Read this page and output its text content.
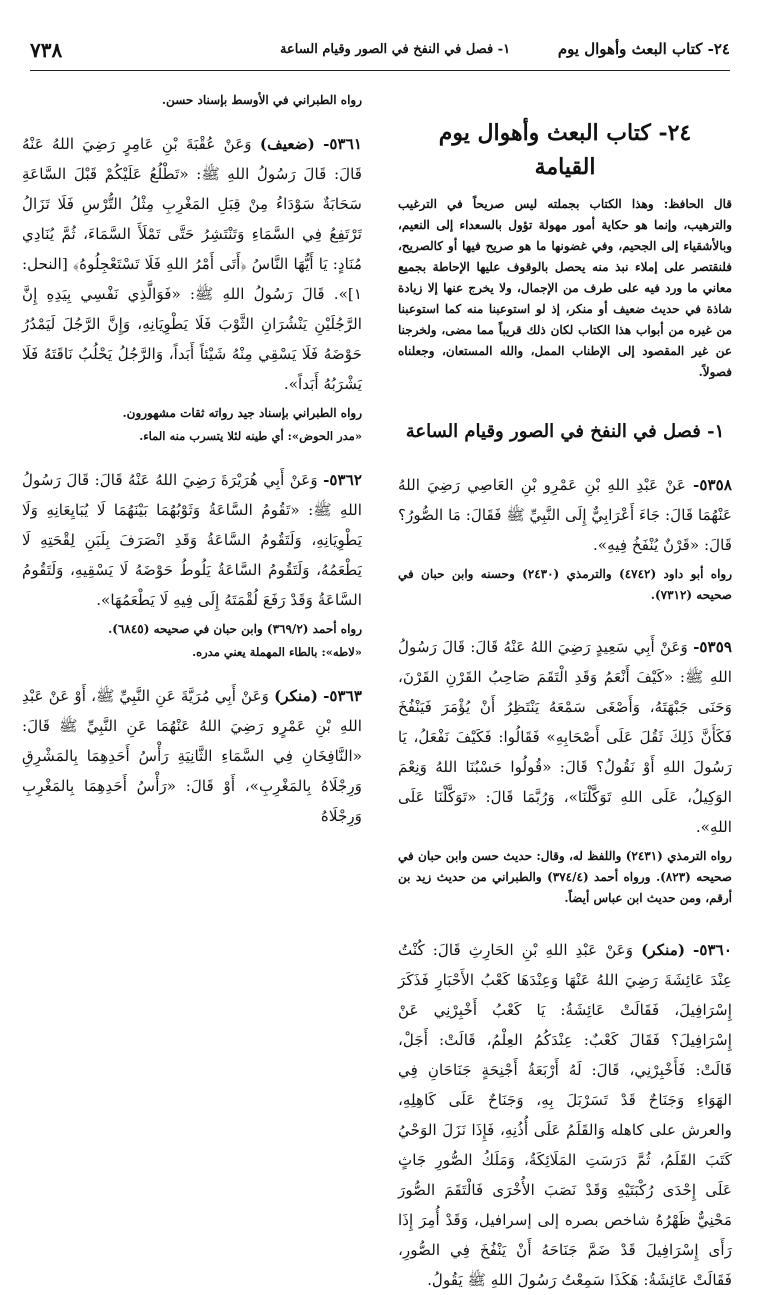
٢٤- كتاب البعث وأهوال يوم
١- فصل في النفخ في الصور وقيام الساعة
٧٣٨
٢٤- كتاب البعث وأهوال يوم
القيامة
قال الحافظ: وهذا الكتاب بجملته ليس صريحاً في الترغيب والترهيب، وإنما هو حكاية أمور مهولة تؤول بالسعداء إلى النعيم، وبالأشقياء إلى الجحيم، وفي غضونها ما هو صريح فيها أو كالصريح، فلنقتصر على إملاء نبذ منه يحصل بالوقوف عليها الإحاطة بجميع معاني ما ورد فيه على طرف من الإجمال، ولا يخرج عنها إلا زيادة شاذة في حديث ضعيف أو منكر، إذ لو استوعبنا منه كما استوعبنا من غيره من أبواب هذا الكتاب لكان ذلك قريباً مما مضى، ولخرجنا عن غير المقصود إلى الإطناب الممل، والله المستعان، وجعلناه فصولاً.
١- فصل في النفخ في الصور وقيام الساعة
٥٣٥٨- عَنْ عَبْدِ اللهِ بْنِ عَمْرِو بْنِ العَاصِي رَضِيَ اللهُ عَنْهُمَا قَالَ: جَاءَ أَعْرَابِيٌّ إِلَى النَّبِيِّ ﷺ فَقَالَ: مَا الصُّورُ؟ قَالَ: «قَرْنٌ يُنْفَخُ فِيهِ».
رواه أبو داود (٤٧٤٢) والترمذي (٢٤٣٠) وحسنه وابن حبان في صحيحه (٧٣١٢).
٥٣٥٩- وَعَنْ أَبِي سَعِيدٍ رَضِيَ اللهُ عَنْهُ قَالَ: قَالَ رَسُولُ اللهِ ﷺ: «كَيْفَ أَنْعَمُ وَقَدِ الْتَقَمَ صَاحِبُ القَرْنِ القَرْنَ، وَحَنَى جَبْهَتَهُ، وَأَصْغَى سَمْعَهُ يَنْتَظِرُ أَنْ يُؤْمَرَ فَيَنْفُخَ فَكَأَنَّ ذَلِكَ ثَقُلَ عَلَى أَصْحَابِهِ» فَقَالُوا: فَكَيْفَ نَفْعَلُ، يَا رَسُولَ اللهِ أَوْ نَقُولُ؟ قَالَ: «قُولُوا حَسْبُنَا اللهُ وَنِعْمَ الوَكِيلُ، عَلَى اللهِ تَوَكَّلْنَا»، وَرُبَّمَا قَالَ: «تَوَكَّلْنَا عَلَى اللهِ».
رواه الترمذي (٢٤٣١) واللفظ له، وقال: حديث حسن وابن حبان في صحيحه (٨٢٣). ورواه أحمد (٣٧٤/٤) والطبراني من حديث زيد بن أرقم، ومن حديث ابن عباس أيضاً.
٥٣٦٠- (منكر) وَعَنْ عَبْدِ اللهِ بْنِ الحَارِثِ قَالَ: كُنْتُ عِنْدَ عَائِشَةَ رَضِيَ اللهُ عَنْهَا وَعِنْدَهَا كَعْبُ الأَحْبَارِ فَذَكَرَ إِسْرَافِيلَ، فَقَالَتْ عَائِشَةُ: يَا كَعْبُ أَخْبِرْنِي عَنْ إِسْرَافِيلَ؟ فَقَالَ كَعْبٌ: عِنْدَكُمُ العِلْمُ، قَالَتْ: أَجَلْ، قَالَتْ: فَأَخْبِرْنِي، قَالَ: لَهُ أَرْبَعَةُ أَجْنِحَةٍ جَنَاحَانِ فِي الهَوَاءِ وَجَنَاحٌ قَدْ تَسَرْبَلَ بِهِ، وَجَنَاحٌ عَلَى كَاهِلِهِ، والعرش على كاهله وَالقَلَمُ عَلَى أُذُنِهِ، فَإِذَا نَزَلَ الوَحْيُ كَتَبَ القَلَمُ، ثُمَّ دَرَسَتِ المَلَائِكَةُ، وَمَلَكُ الصُّورِ جَاثٍ عَلَى إِحْدَى رُكْبَتَيْهِ وَقَدْ نَصَبَ الأُخْرَى فَالْتَقَمَ الصُّورَ مَحْنِيٌّ ظَهْرُهُ شاخص بصره إلى إسرافيل، وَقَدْ أُمِرَ إِذَا رَأَى إِسْرَافِيلَ قَدْ ضَمَّ جَنَاحَهُ أَنْ يَنْفُخَ فِي الصُّورِ، فَقَالَتْ عَائِشَةُ: هَكَذَا سَمِعْتُ رَسُولَ اللهِ ﷺ يَقُولُ.
رواه الطبراني في الأوسط بإسناد حسن.
٥٣٦١- (ضعيف) وَعَنْ عُقْبَةَ بْنِ عَامِرٍ رَضِيَ اللهُ عَنْهُ قَالَ: قَالَ رَسُولُ اللهِ ﷺ: «تَطْلُعُ عَلَيْكُمْ قَبْلَ السَّاعَةِ سَحَابَةٌ سَوْدَاءُ مِنْ قِبَلِ المَغْرِبِ مِثْلُ التُّرْسِ فَلَا تَزَالُ تَرْتَفِعُ فِي السَّمَاءِ وَتَنْتَشِرُ حَتَّى تَمْلَأَ السَّمَاءَ، ثُمَّ يُنَادِي مُنَادٍ: يَا أَيُّهَا النَّاسُ ﴿أَتَى أَمْرُ اللهِ فَلَا تَسْتَعْجِلُوهُ﴾ [النحل: ١]». قَالَ رَسُولُ اللهِ ﷺ: «فَوَالَّذِي نَفْسِي بِيَدِهِ إِنَّ الرَّجُلَيْنِ يَنْشُرَانِ الثَّوْبَ فَلَا يَطْوِيَانِهِ، وَإِنَّ الرَّجُلَ لَيَمْدُرُ حَوْضَهُ فَلَا يَسْقِي مِنْهُ شَيْئاً أَبَداً، وَالرَّجُلُ يَحْلُبُ نَاقَتَهُ فَلَا يَشْرَبُهُ أَبَداً».
رواه الطبراني بإسناد جيد رواته ثقات مشهورون.
«مدر الحوض»: أي طينه لئلا يتسرب منه الماء.
٥٣٦٢- وَعَنْ أَبِي هُرَيْرَةَ رَضِيَ اللهُ عَنْهُ قَالَ: قَالَ رَسُولُ اللهِ ﷺ: «تَقُومُ السَّاعَةُ وَثَوْبُهُمَا بَيْنَهُمَا لَا يُبَايِعَانِهِ وَلَا يَطْوِيَانِهِ، وَلَتَقُومُ السَّاعَةُ وَقَدِ انْصَرَفَ بِلَبَنِ لِقْحَتِهِ لَا يَطْعَمُهُ، وَلَتَقُومُ السَّاعَةُ يَلُوطُ حَوْضَهُ لَا يَسْقِيهِ، وَلَتَقُومُ السَّاعَةُ وَقَدْ رَفَعَ لُقْمَتَهُ إِلَى فِيهِ لَا يَطْعَمُهَا».
رواه أحمد (٣٦٩/٢) وابن حبان في صحيحه (٦٨٤٥).
«لاطه»: بالطاء المهملة يعني مدره.
٥٣٦٣- (منكر) وَعَنْ أَبِي مُرَيَّةَ عَنِ النَّبِيِّ ﷺ، أَوْ عَنْ عَبْدِ اللهِ بْنِ عَمْرٍو رَضِيَ اللهُ عَنْهُمَا عَنِ النَّبِيِّ ﷺ قَالَ: «النَّافِخَانِ فِي السَّمَاءِ الثَّانِيَةِ رَأْسُ أَحَدِهِمَا بِالمَشْرِقِ وَرِجْلَاهُ بِالمَغْرِبِ»، أَوْ قَالَ: «رَأْسُ أَحَدِهِمَا بِالمَغْرِبِ وَرِجْلَاهُ
